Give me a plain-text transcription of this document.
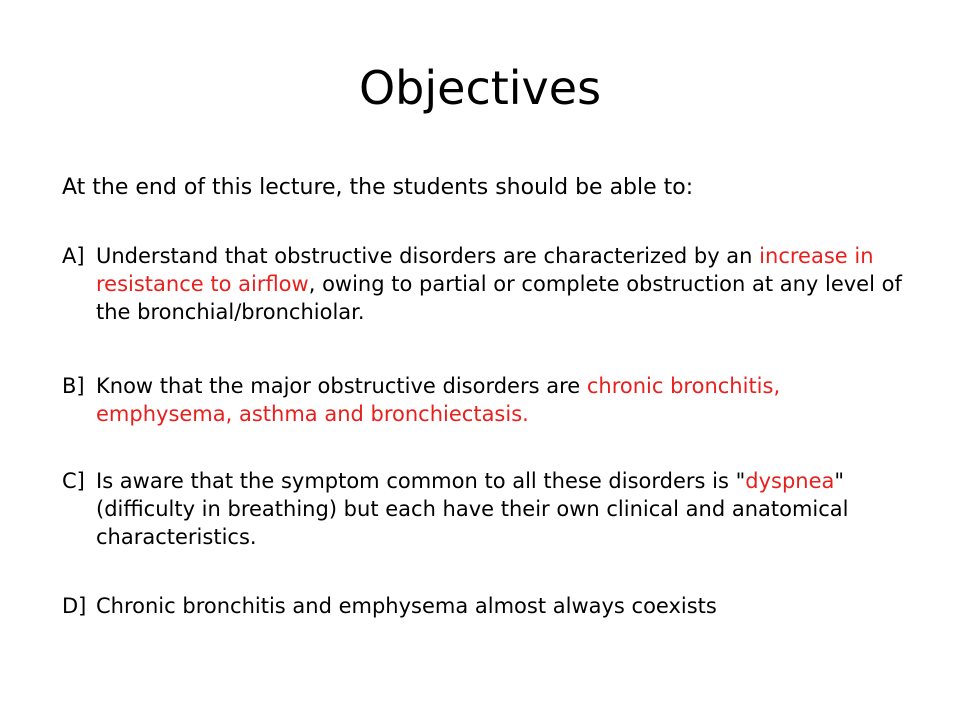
Objectives
At the end of this lecture, the students should be able to:
A] Understand that obstructive disorders are characterized by an increase in resistance to airflow, owing to partial or complete obstruction at any level of the bronchial/bronchiolar.
B] Know that the major obstructive disorders are chronic bronchitis, emphysema, asthma and bronchiectasis.
C] Is aware that the symptom common to all these disorders is "dyspnea" (difficulty in breathing) but each have their own clinical and anatomical characteristics.
D] Chronic bronchitis and emphysema almost always coexists
